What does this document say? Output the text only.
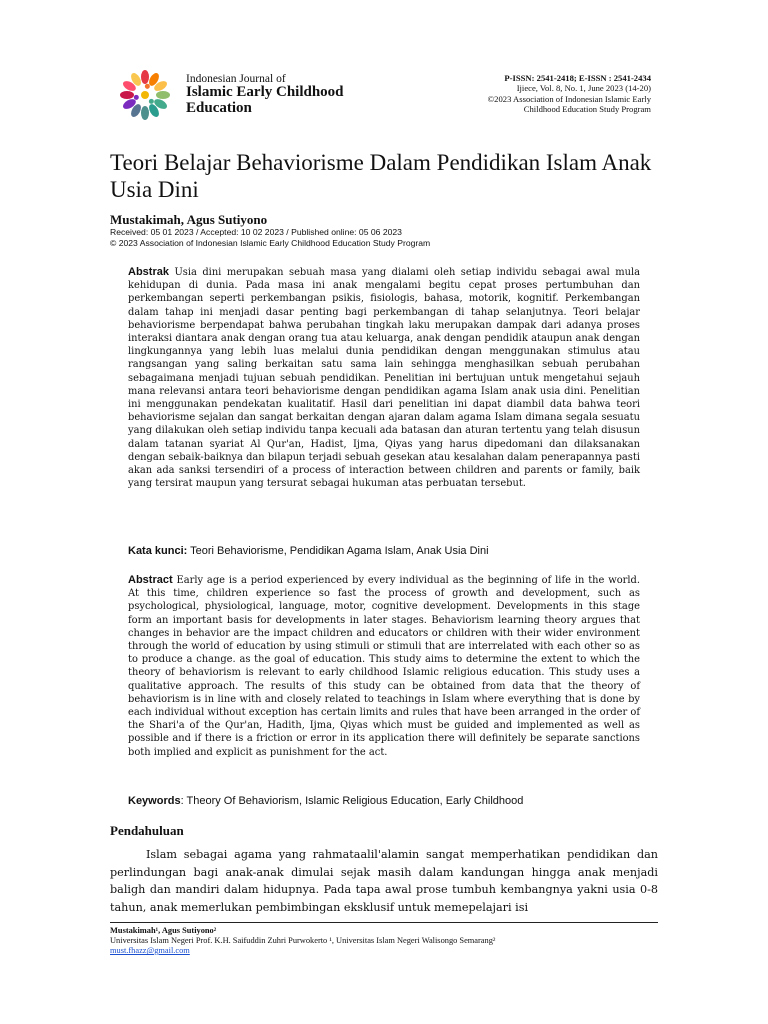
Indonesian Journal of
Islamic Early Childhood
Education
P-ISSN: 2541-2418; E-ISSN : 2541-2434
Ijiece, Vol. 8, No. 1, June 2023 (14-20)
©2023 Association of Indonesian Islamic Early
Childhood Education Study Program
Teori Belajar Behaviorisme Dalam Pendidikan Islam Anak Usia Dini
Mustakimah, Agus Sutiyono
Received: 05 01 2023 / Accepted: 10 02 2023 / Published online: 05 06 2023
© 2023 Association of Indonesian Islamic Early Childhood Education Study Program
Abstrak Usia dini merupakan sebuah masa yang dialami oleh setiap individu sebagai awal mula kehidupan di dunia. Pada masa ini anak mengalami begitu cepat proses pertumbuhan dan perkembangan seperti perkembangan psikis, fisiologis, bahasa, motorik, kognitif. Perkembangan dalam tahap ini menjadi dasar penting bagi perkembangan di tahap selanjutnya. Teori belajar behaviorisme berpendapat bahwa perubahan tingkah laku merupakan dampak dari adanya proses interaksi diantara anak dengan orang tua atau keluarga, anak dengan pendidik ataupun anak dengan lingkungannya yang lebih luas melalui dunia pendidikan dengan menggunakan stimulus atau rangsangan yang saling berkaitan satu sama lain sehingga menghasilkan sebuah perubahan sebagaimana menjadi tujuan sebuah pendidikan. Penelitian ini bertujuan untuk mengetahui sejauh mana relevansi antara teori behaviorisme dengan pendidikan agama Islam anak usia dini. Penelitian ini menggunakan pendekatan kualitatif. Hasil dari penelitian ini dapat diambil data bahwa teori behaviorisme sejalan dan sangat berkaitan dengan ajaran dalam agama Islam dimana segala sesuatu yang dilakukan oleh setiap individu tanpa kecuali ada batasan dan aturan tertentu yang telah disusun dalam tatanan syariat Al Qur'an, Hadist, Ijma, Qiyas yang harus dipedomani dan dilaksanakan dengan sebaik-baiknya dan bilapun terjadi sebuah gesekan atau kesalahan dalam penerapannya pasti akan ada sanksi tersendiri of a process of interaction between children and parents or family, baik yang tersirat maupun yang tersurat sebagai hukuman atas perbuatan tersebut.
Kata kunci: Teori Behaviorisme, Pendidikan Agama Islam, Anak Usia Dini
Abstract Early age is a period experienced by every individual as the beginning of life in the world. At this time, children experience so fast the process of growth and development, such as psychological, physiological, language, motor, cognitive development. Developments in this stage form an important basis for developments in later stages. Behaviorism learning theory argues that changes in behavior are the impact children and educators or children with their wider environment through the world of education by using stimuli or stimuli that are interrelated with each other so as to produce a change. as the goal of education. This study aims to determine the extent to which the theory of behaviorism is relevant to early childhood Islamic religious education. This study uses a qualitative approach. The results of this study can be obtained from data that the theory of behaviorism is in line with and closely related to teachings in Islam where everything that is done by each individual without exception has certain limits and rules that have been arranged in the order of the Shari'a of the Qur'an, Hadith, Ijma, Qiyas which must be guided and implemented as well as possible and if there is a friction or error in its application there will definitely be separate sanctions both implied and explicit as punishment for the act.
Keywords: Theory Of Behaviorism, Islamic Religious Education, Early Childhood
Pendahuluan
Islam sebagai agama yang rahmataalil'alamin sangat memperhatikan pendidikan dan perlindungan bagi anak-anak dimulai sejak masih dalam kandungan hingga anak menjadi baligh dan mandiri dalam hidupnya. Pada tapa awal prose tumbuh kembangnya yakni usia 0-8 tahun, anak memerlukan pembimbingan eksklusif untuk memepelajari isi
Mustakimah¹, Agus Sutiyono²
Universitas Islam Negeri Prof. K.H. Saifuddin Zuhri Purwokerto ¹, Universitas Islam Negeri Walisongo Semarang²
must.fhazz@gmail.com
